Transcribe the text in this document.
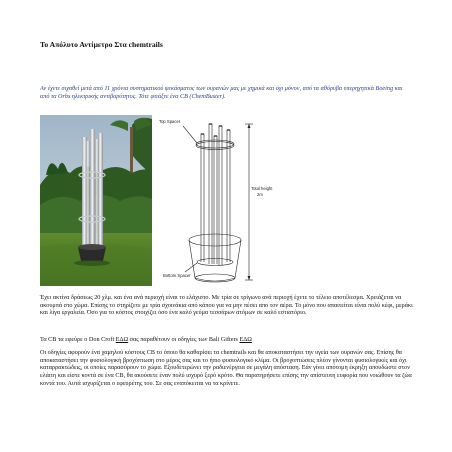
Το Απόλυτο Αντίμετρο Στα chemtrails
Αν έχετε σιχαθεί μετά από 11 χρόνια συστηματικού ψεκάσματος των ουρανών μας με χημικά και όχι μόνον, από τα αθόρυβα υπερηχητικά Boeing και από τα Orbs ηλεκτρικής αντιβαρύτητος. Τότε φτιάξτε ένα CB (ChemBuster).
Top Spacer
Bottom Spacer
Total height
2m
Έχει ακτίνα δράσεως 20 χλμ. και ένα ανά περιοχή είναι το ελάχιστο. Με τρία σε τρίγωνο ανά περιοχή έχετε το τέλειο αποτέλεσμα. Χρειάζεται να ακουμπά στο χώμα. Επίσης το στηρίζετε με τρία σχοινάκια από κάπου για να μην πέσει απο τον αέρα. Το μόνο που απαιτείται είναι πολύ κέφι, μεράκι και λίγα εργαλεία. Όσο για το κόστος στοιχίζει όσο ένα καλό γεύμα τεσσάρων ατόμων σε καλό εστιατόριο.
Τα CB τα εφεύρε ο Don Croft ΕΔΩ σας παραθέτουν οι οδηγίες των Bali Gifters ΕΔΩ
Οι οδηγίες αφορούν ένα χαμηλού κόστους CB το όποιο θα καθαρίσει τα chemtrails και θα αποκαταστήσει την υγεία των ουρανών σας. Επίσης θα αποκαταστήσει την φυσιολογική βροχόπτωση στο μέρος σας και το ήπιο φυσιολογικό κλίμα. Οι βροχοπτώσεις πλέον γίνονται φυσιολογικές και όχι καταρρακτώδεις, οι οποίες παρασύρουν το χώμα. Εξουδετερώνει την ραδιενέργεια σε μεγάλη απόσταση. Εάν γίνει απότομη έκρηξη απουδώστε στον ελάιτη και είστε κοντά σε ένα CB, θα ακούσετε έναν πολύ ισχυρό ξερό κρότο. Θα παρατηρήσετε επίσης την απίστευτη ευφορία που νοιώθουν τα ζώα κοντά του. Αυτά ισχυρίζεται ο εφευρέτης του. Σε σας εναπόκειται να τα κρίνετε.
